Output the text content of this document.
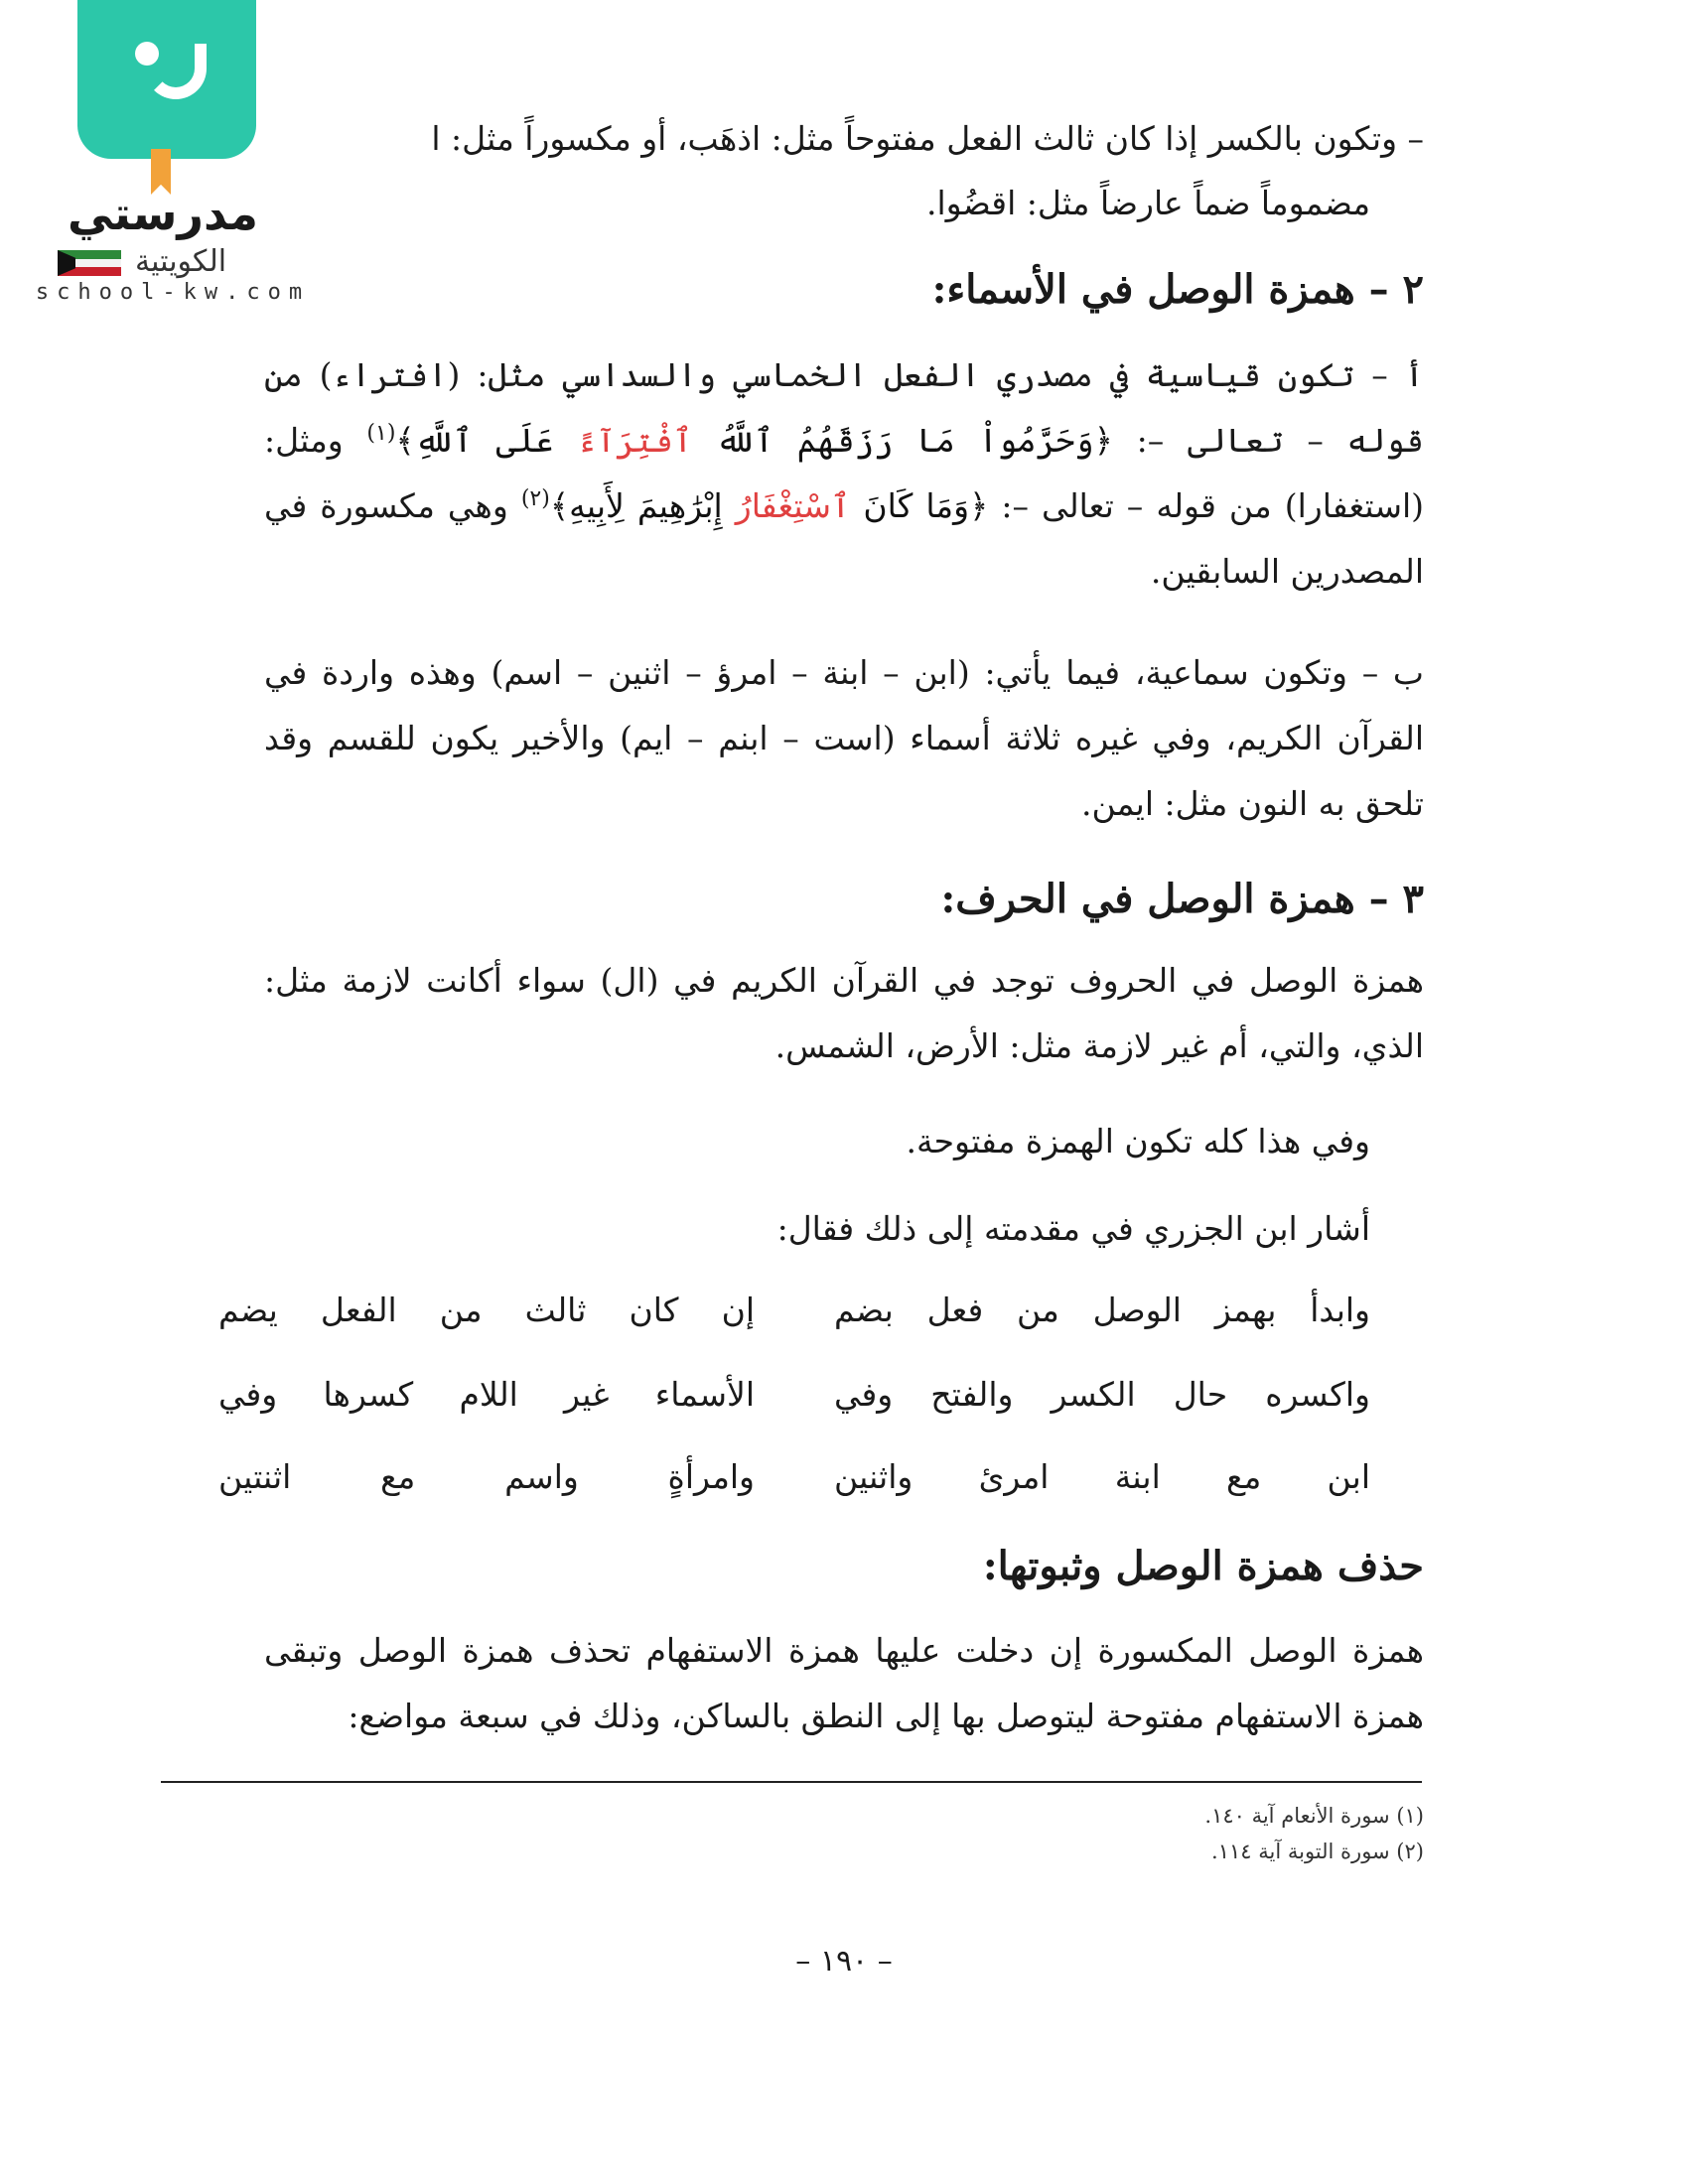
مدرستي
الكويتية
school-kw.com
– وتكون بالكسر إذا كان ثالث الفعل مفتوحاً مثل: اذهَب، أو مكسوراً مثل: ا
مضموماً ضماً عارضاً مثل: اقضُوا.
٢ – همزة الوصل في الأسماء:
أ – تكون قياسية في مصدري الفعل الخماسي والسداسي مثل: (افتراء) من قوله – تعالى –: ﴿وَحَرَّمُواْ مَا رَزَقَهُمُ ٱللَّهُ ٱفْتِرَآءً عَلَى ٱللَّهِ﴾$^{(١)}$ ومثل: (استغفارا) من قوله – تعالى –: ﴿وَمَا كَانَ ٱسْتِغْفَارُ إِبْرَٰهِيمَ لِأَبِيهِ﴾$^{(٢)}$ وهي مكسورة في المصدرين السابقين.
ب – وتكون سماعية، فيما يأتي: (ابن – ابنة – امرؤ – اثنين – اسم) وهذه واردة في القرآن الكريم، وفي غيره ثلاثة أسماء (است – ابنم – ايم) والأخير يكون للقسم وقد تلحق به النون مثل: ايمن.
٣ – همزة الوصل في الحرف:
همزة الوصل في الحروف توجد في القرآن الكريم في (ال) سواء أكانت لازمة مثل: الذي، والتي، أم غير لازمة مثل: الأرض، الشمس.
وفي هذا كله تكون الهمزة مفتوحة.
أشار ابن الجزري في مقدمته إلى ذلك فقال:
وابدأ بهمز الوصل من فعل بضم
إن كان ثالث من الفعل يضم
واكسره حال الكسر والفتح وفي
الأسماء غير اللام كسرها وفي
ابن مع ابنة امرئ واثنين
وامرأةٍ واسم مع اثنتين
حذف همزة الوصل وثبوتها:
همزة الوصل المكسورة إن دخلت عليها همزة الاستفهام تحذف همزة الوصل وتبقى همزة الاستفهام مفتوحة ليتوصل بها إلى النطق بالساكن، وذلك في سبعة مواضع:
(١) سورة الأنعام آية ١٤٠.
(٢) سورة التوبة آية ١١٤.
– ١٩٠ –
